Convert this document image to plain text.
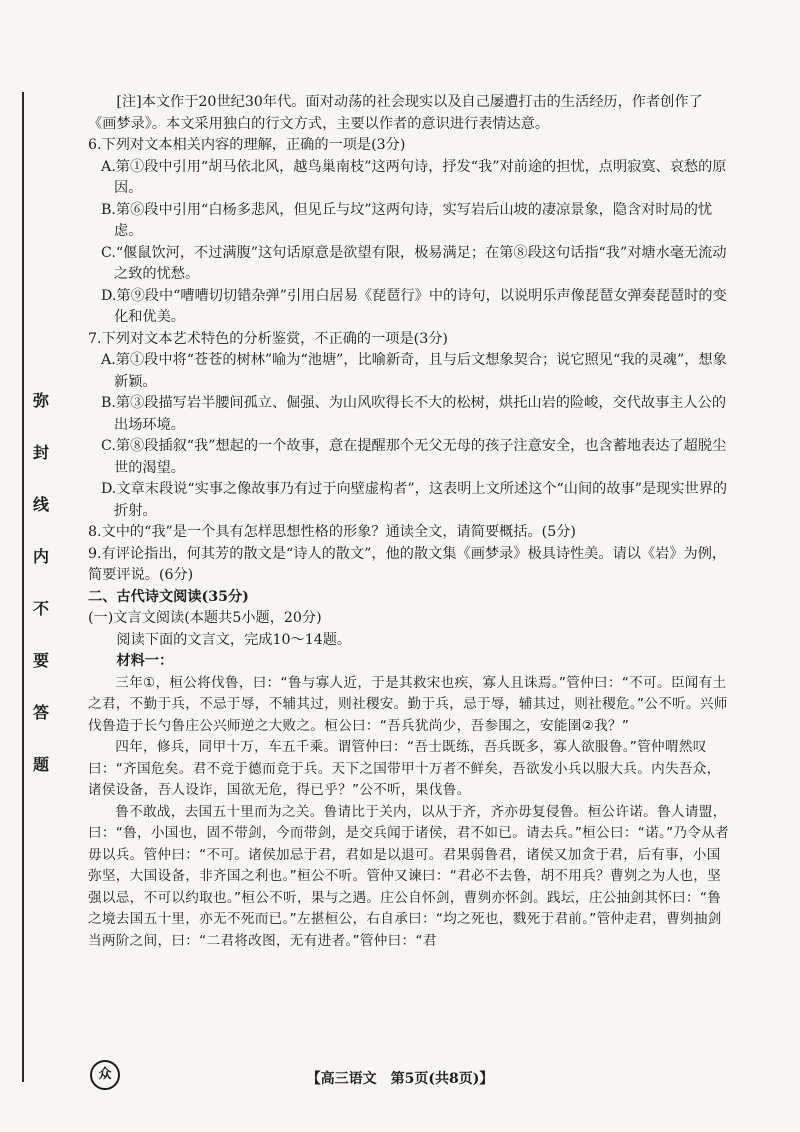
弥
封
线
内
不
要
答
题

[注]本文作于20世纪30年代。面对动荡的社会现实以及自己屡遭打击的生活经历，作者创作了《画梦录》。本文采用独白的行文方式，主要以作者的意识进行表情达意。

6.下列对文本相关内容的理解，正确的一项是(3分)

A.第①段中引用“胡马依北风，越鸟巢南枝”这两句诗，抒发“我”对前途的担忧，点明寂寞、哀愁的原因。

B.第⑥段中引用“白杨多悲风，但见丘与坟”这两句诗，实写岩后山坡的凄凉景象，隐含对时局的忧虑。

C.“偃鼠饮河，不过满腹”这句话原意是欲望有限，极易满足；在第⑧段这句话指“我”对塘水毫无流动之致的忧愁。

D.第⑨段中“嘈嘈切切错杂弹”引用白居易《琵琶行》中的诗句，以说明乐声像琵琶女弹奏琵琶时的变化和优美。

7.下列对文本艺术特色的分析鉴赏，不正确的一项是(3分)

A.第①段中将“苍苍的树林”喻为“池塘”，比喻新奇，且与后文想象契合；说它照见“我的灵魂”，想象新颖。

B.第③段描写岩半腰间孤立、倔强、为山风吹得长不大的松树，烘托山岩的险峻，交代故事主人公的出场环境。

C.第⑧段插叙“我”想起的一个故事，意在提醒那个无父无母的孩子注意安全，也含蓄地表达了超脱尘世的渴望。

D.文章末段说“实事之像故事乃有过于向壁虚构者”，这表明上文所述这个“山间的故事”是现实世界的折射。

8.文中的“我”是一个具有怎样思想性格的形象？通读全文，请简要概括。(5分)

9.有评论指出，何其芳的散文是“诗人的散文”，他的散文集《画梦录》极具诗性美。请以《岩》为例，简要评说。(6分)

二、古代诗文阅读(35分)

(一)文言文阅读(本题共5小题，20分)

阅读下面的文言文，完成10～14题。

材料一：

三年①，桓公将伐鲁，曰：“鲁与寡人近，于是其救宋也疾，寡人且诛焉。”管仲曰：“不可。臣闻有土之君，不勤于兵，不忌于辱，不辅其过，则社稷安。勤于兵，忌于辱，辅其过，则社稷危。”公不听。兴师伐鲁造于长勺鲁庄公兴师逆之大败之。桓公曰：“吾兵犹尚少，吾参围之，安能圉②我？”

四年，修兵，同甲十万，车五千乘。谓管仲曰：“吾士既练，吾兵既多，寡人欲服鲁。”管仲喟然叹曰：“齐国危矣。君不竞于德而竞于兵。天下之国带甲十万者不鲜矣，吾欲发小兵以服大兵。内失吾众，诸侯设备，吾人设诈，国欲无危，得已乎？”公不听，果伐鲁。

鲁不敢战，去国五十里而为之关。鲁请比于关内，以从于齐，齐亦毋复侵鲁。桓公许诺。鲁人请盟，曰：“鲁，小国也，固不带剑，今而带剑，是交兵闻于诸侯，君不如已。请去兵。”桓公曰：“诺。”乃令从者毋以兵。管仲曰：“不可。诸侯加忌于君，君如是以退可。君果弱鲁君，诸侯又加贪于君，后有事，小国弥坚，大国设备，非齐国之利也。”桓公不听。管仲又谏曰：“君必不去鲁，胡不用兵？曹刿之为人也，坚强以忌，不可以约取也。”桓公不听，果与之遇。庄公自怀剑，曹刿亦怀剑。践坛，庄公抽剑其怀曰：“鲁之境去国五十里，亦无不死而已。”左揕桓公，右自承曰：“均之死也，戮死于君前。”管仲走君，曹刿抽剑当两阶之间，曰：“二君将改图，无有进者。”管仲曰：“君

众	【高三语文　第5页(共8页)】
